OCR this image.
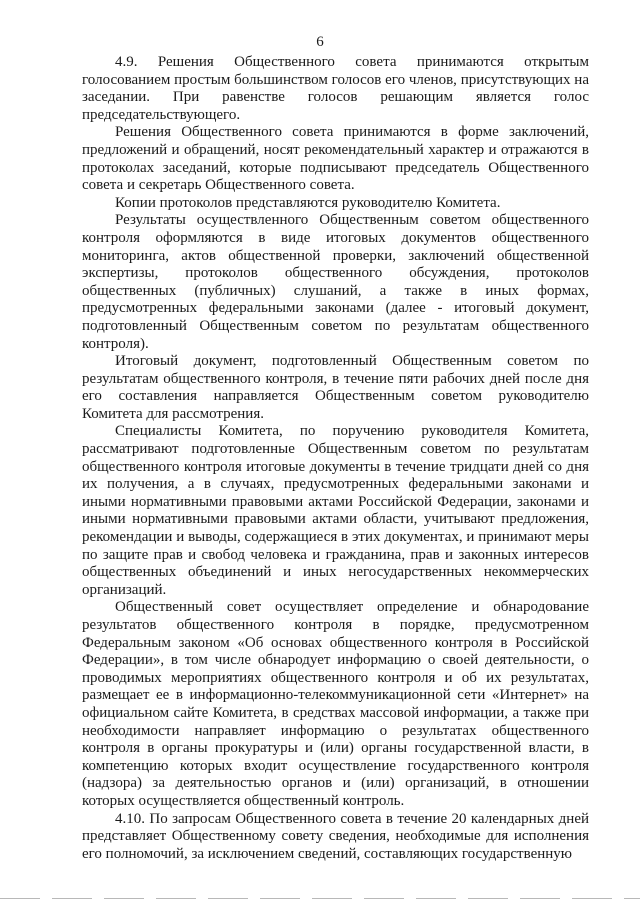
6

4.9. Решения Общественного совета принимаются открытым голосованием простым большинством голосов его членов, присутствующих на заседании. При равенстве голосов решающим является голос председательствующего.

Решения Общественного совета принимаются в форме заключений, предложений и обращений, носят рекомендательный характер и отражаются в протоколах заседаний, которые подписывают председатель Общественного совета и секретарь Общественного совета.

Копии протоколов представляются руководителю Комитета.

Результаты осуществленного Общественным советом общественного контроля оформляются в виде итоговых документов общественного мониторинга, актов общественной проверки, заключений общественной экспертизы, протоколов общественного обсуждения, протоколов общественных (публичных) слушаний, а также в иных формах, предусмотренных федеральными законами (далее - итоговый документ, подготовленный Общественным советом по результатам общественного контроля).

Итоговый документ, подготовленный Общественным советом по результатам общественного контроля, в течение пяти рабочих дней после дня его составления направляется Общественным советом руководителю Комитета для рассмотрения.

Специалисты Комитета, по поручению руководителя Комитета, рассматривают подготовленные Общественным советом по результатам общественного контроля итоговые документы в течение тридцати дней со дня их получения, а в случаях, предусмотренных федеральными законами и иными нормативными правовыми актами Российской Федерации, законами и иными нормативными правовыми актами области, учитывают предложения, рекомендации и выводы, содержащиеся в этих документах, и принимают меры по защите прав и свобод человека и гражданина, прав и законных интересов общественных объединений и иных негосударственных некоммерческих организаций.

Общественный совет осуществляет определение и обнародование результатов общественного контроля в порядке, предусмотренном Федеральным законом «Об основах общественного контроля в Российской Федерации», в том числе обнародует информацию о своей деятельности, о проводимых мероприятиях общественного контроля и об их результатах, размещает ее в информационно-телекоммуникационной сети «Интернет» на официальном сайте Комитета, в средствах массовой информации, а также при необходимости направляет информацию о результатах общественного контроля в органы прокуратуры и (или) органы государственной власти, в компетенцию которых входит осуществление государственного контроля (надзора) за деятельностью органов и (или) организаций, в отношении которых осуществляется общественный контроль.

4.10. По запросам Общественного совета в течение 20 календарных дней представляет Общественному совету сведения, необходимые для исполнения его полномочий, за исключением сведений, составляющих государственную
